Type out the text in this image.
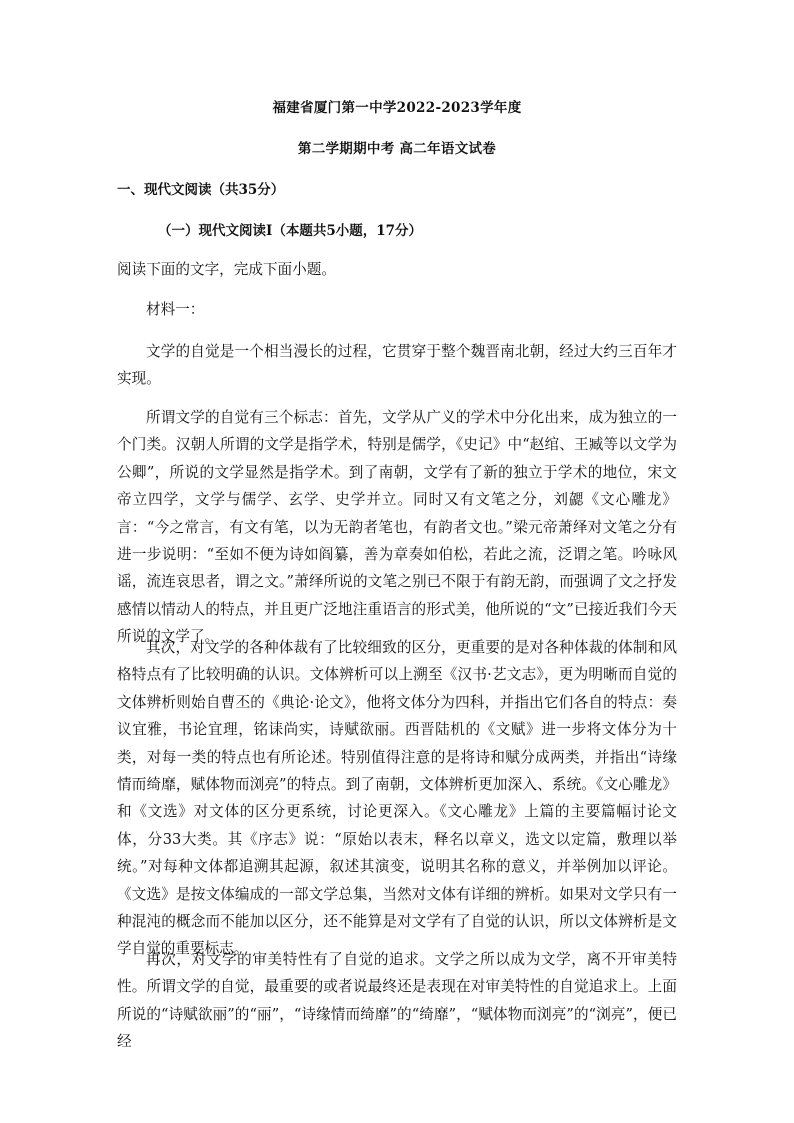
福建省厦门第一中学2022-2023学年度
第二学期期中考 高二年语文试卷
一、现代文阅读（共35分）
（一）现代文阅读Ⅰ（本题共5小题，17分）

阅读下面的文字，完成下面小题。

材料一：

文学的自觉是一个相当漫长的过程，它贯穿于整个魏晋南北朝，经过大约三百年才实现。

所谓文学的自觉有三个标志：首先，文学从广义的学术中分化出来，成为独立的一个门类。汉朝人所谓的文学是指学术，特别是儒学，《史记》中“赵绾、王臧等以文学为公卿”，所说的文学显然是指学术。到了南朝，文学有了新的独立于学术的地位，宋文帝立四学，文学与儒学、玄学、史学并立。同时又有文笔之分，刘勰《文心雕龙》言：“今之常言，有文有笔，以为无韵者笔也，有韵者文也。”梁元帝萧绎对文笔之分有进一步说明：“至如不便为诗如阎纂，善为章奏如伯松，若此之流，泛谓之笔。吟咏风谣，流连哀思者，谓之文。”萧绎所说的文笔之别已不限于有韵无韵，而强调了文之抒发感情以情动人的特点，并且更广泛地注重语言的形式美，他所说的“文”已接近我们今天所说的文学了。

其次，对文学的各种体裁有了比较细致的区分，更重要的是对各种体裁的体制和风格特点有了比较明确的认识。文体辨析可以上溯至《汉书·艺文志》，更为明晰而自觉的文体辨析则始自曹丕的《典论·论文》，他将文体分为四科，并指出它们各自的特点：奏议宜雅，书论宜理，铭诔尚实，诗赋欲丽。西晋陆机的《文赋》进一步将文体分为十类，对每一类的特点也有所论述。特别值得注意的是将诗和赋分成两类，并指出“诗缘情而绮靡，赋体物而浏亮”的特点。到了南朝，文体辨析更加深入、系统。《文心雕龙》和《文选》对文体的区分更系统，讨论更深入。《文心雕龙》上篇的主要篇幅讨论文体，分33大类。其《序志》说：“原始以表末，释名以章义，选文以定篇，敷理以举统。”对每种文体都追溯其起源，叙述其演变，说明其名称的意义，并举例加以评论。《文选》是按文体编成的一部文学总集，当然对文体有详细的辨析。如果对文学只有一种混沌的概念而不能加以区分，还不能算是对文学有了自觉的认识，所以文体辨析是文学自觉的重要标志。

再次，对文学的审美特性有了自觉的追求。文学之所以成为文学，离不开审美特性。所谓文学的自觉，最重要的或者说最终还是表现在对审美特性的自觉追求上。上面所说的“诗赋欲丽”的“丽”，“诗缘情而绮靡”的“绮靡”，“赋体物而浏亮”的“浏亮”，便已经
